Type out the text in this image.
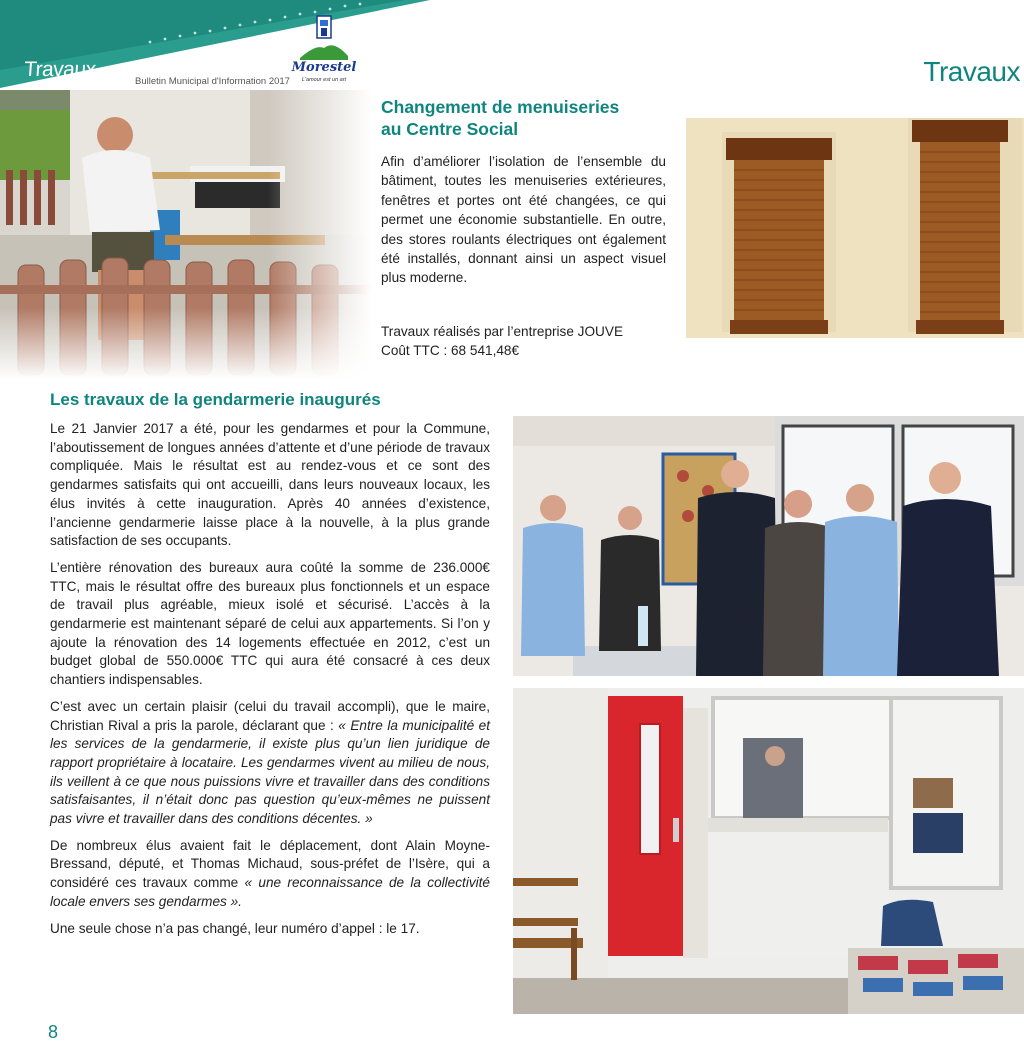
Travaux
Bulletin Municipal d'Information 2017
Morestel
L'amour est un art	Travaux
Changement de menuiseries
au Centre Social

Afin d’améliorer l’isolation de l’ensemble du bâtiment, toutes les menuiseries extérieures, fenêtres et portes ont été changées, ce qui permet une économie substantielle. En outre, des stores roulants électriques ont également été installés, donnant ainsi un aspect visuel plus moderne.

Travaux réalisés par l’entreprise JOUVE
Coût TTC : 68 541,48€
Les travaux de la gendarmerie inaugurés

Le 21 Janvier 2017 a été, pour les gendarmes et pour la Commune, l’aboutissement de longues années d’attente et d’une période de travaux compliquée. Mais le résultat est au rendez-vous et ce sont des gendarmes satisfaits qui ont accueilli, dans leurs nouveaux locaux, les élus invités à cette inauguration. Après 40 années d’existence, l’ancienne gendarmerie laisse place à la nouvelle, à la plus grande satisfaction de ses occupants.

L’entière rénovation des bureaux aura coûté la somme de 236.000€ TTC, mais le résultat offre des bureaux plus fonctionnels et un espace de travail plus agréable, mieux isolé et sécurisé. L’accès à la gendarmerie est maintenant séparé de celui aux appartements. Si l’on y ajoute la rénovation des 14 logements effectuée en 2012, c’est un budget global de 550.000€ TTC qui aura été consacré à ces deux chantiers indispensables.

C’est avec un certain plaisir (celui du travail accompli), que le maire, Christian Rival a pris la parole, déclarant que : « Entre la municipalité et les services de la gendarmerie, il existe plus qu’un lien juridique de rapport propriétaire à locataire. Les gendarmes vivent au milieu de nous, ils veillent à ce que nous puissions vivre et travailler dans des conditions satisfaisantes, il n’était donc pas question qu’eux-mêmes ne puissent pas vivre et travailler dans des conditions décentes. »

De nombreux élus avaient fait le déplacement, dont Alain Moyne-Bressand, député, et Thomas Michaud, sous-préfet de l’Isère, qui a considéré ces travaux comme « une reconnaissance de la collectivité locale envers ses gendarmes ».

Une seule chose n’a pas changé, leur numéro d’appel : le 17.

8
